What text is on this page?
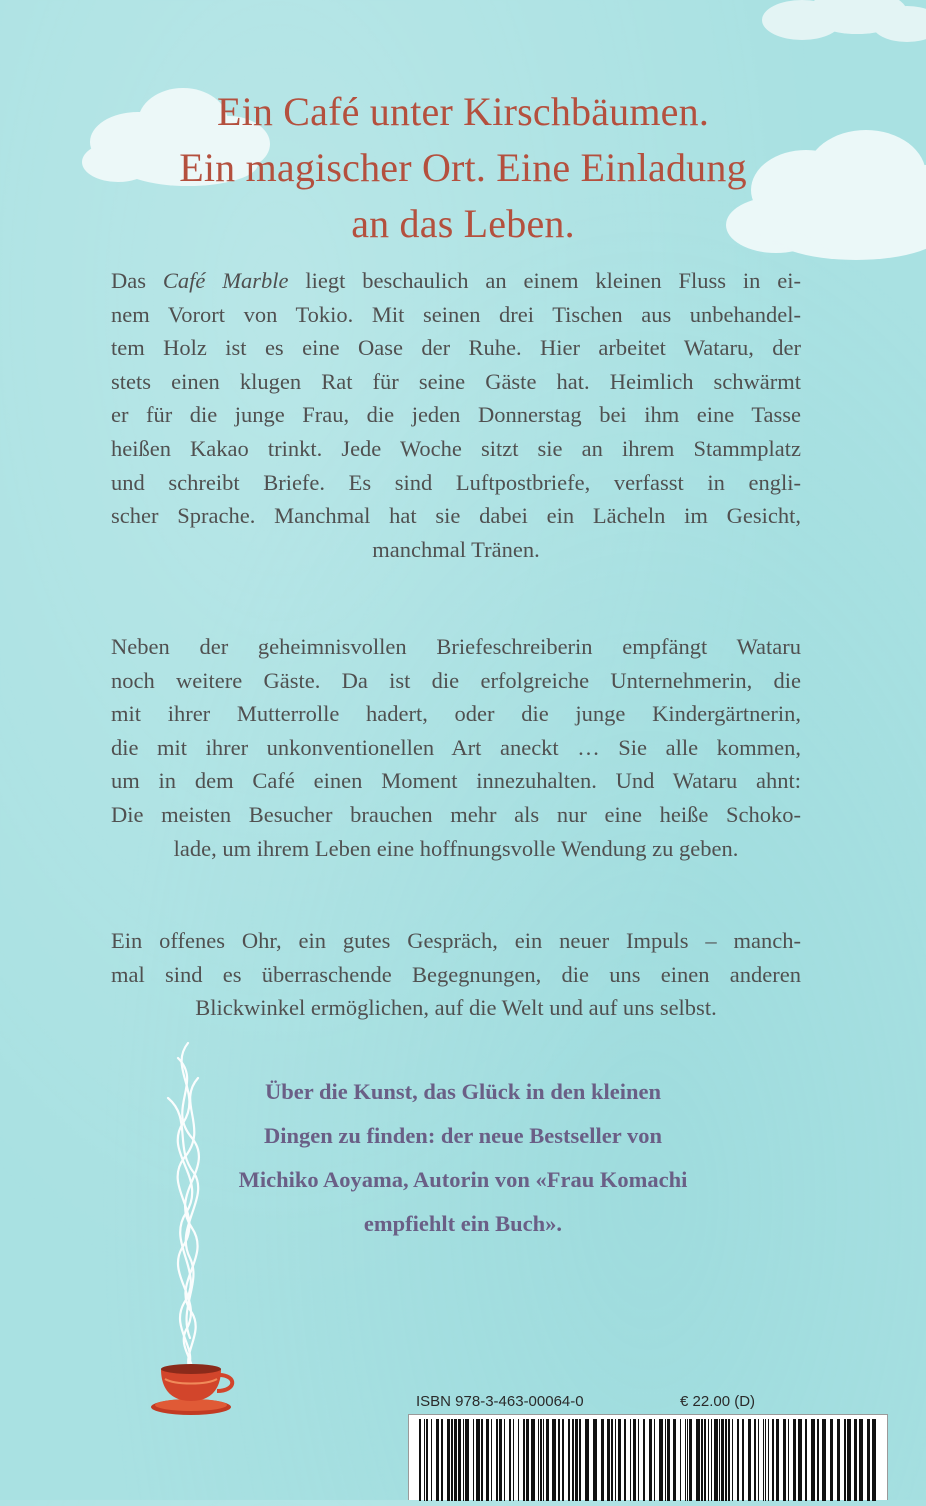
Ein Café unter Kirschbäumen.
Ein magischer Ort. Eine Einladung
an das Leben.
Das Café Marble liegt beschaulich an einem kleinen Fluss in ei-
nem Vorort von Tokio. Mit seinen drei Tischen aus unbehandel-
tem Holz ist es eine Oase der Ruhe. Hier arbeitet Wataru, der
stets einen klugen Rat für seine Gäste hat. Heimlich schwärmt
er für die junge Frau, die jeden Donnerstag bei ihm eine Tasse
heißen Kakao trinkt. Jede Woche sitzt sie an ihrem Stammplatz
und schreibt Briefe. Es sind Luftpostbriefe, verfasst in engli-
scher Sprache. Manchmal hat sie dabei ein Lächeln im Gesicht,
manchmal Tränen.
Neben der geheimnisvollen Briefeschreiberin empfängt Wataru
noch weitere Gäste. Da ist die erfolgreiche Unternehmerin, die
mit ihrer Mutterrolle hadert, oder die junge Kindergärtnerin,
die mit ihrer unkonventionellen Art aneckt … Sie alle kommen,
um in dem Café einen Moment innezuhalten. Und Wataru ahnt:
Die meisten Besucher brauchen mehr als nur eine heiße Schoko-
lade, um ihrem Leben eine hoffnungsvolle Wendung zu geben.
Ein offenes Ohr, ein gutes Gespräch, ein neuer Impuls – manch-
mal sind es überraschende Begegnungen, die uns einen anderen
Blickwinkel ermöglichen, auf die Welt und auf uns selbst.
Über die Kunst, das Glück in den kleinen
Dingen zu finden: der neue Bestseller von
Michiko Aoyama, Autorin von «Frau Komachi
empfiehlt ein Buch».
ISBN 978-3-463-00064-0	€ 22.00 (D)
